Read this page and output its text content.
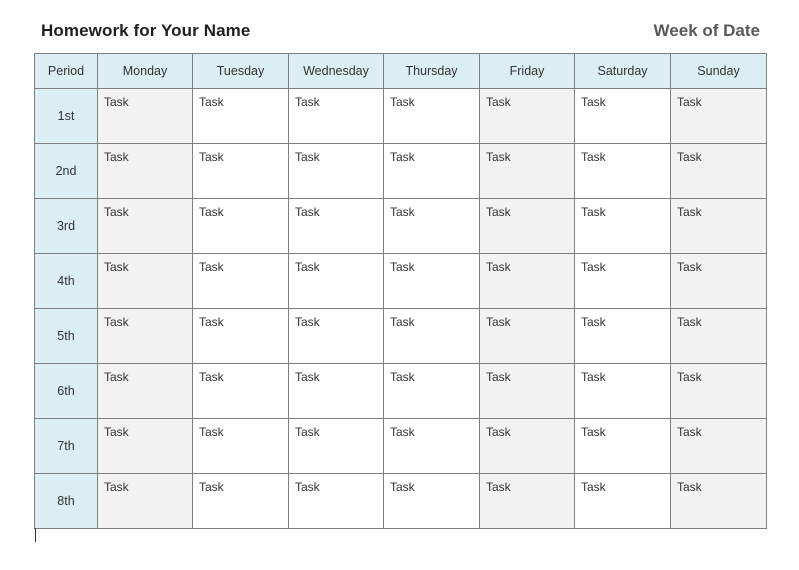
Homework for Your Name	Week of Date
Period	Monday	Tuesday	Wednesday	Thursday	Friday	Saturday	Sunday
1st	Task	Task	Task	Task	Task	Task	Task

2nd	Task	Task	Task	Task	Task	Task	Task

3rd	Task	Task	Task	Task	Task	Task	Task

4th	Task	Task	Task	Task	Task	Task	Task

5th	Task	Task	Task	Task	Task	Task	Task

6th	Task	Task	Task	Task	Task	Task	Task

7th	Task	Task	Task	Task	Task	Task	Task

8th	Task	Task	Task	Task	Task	Task	Task
